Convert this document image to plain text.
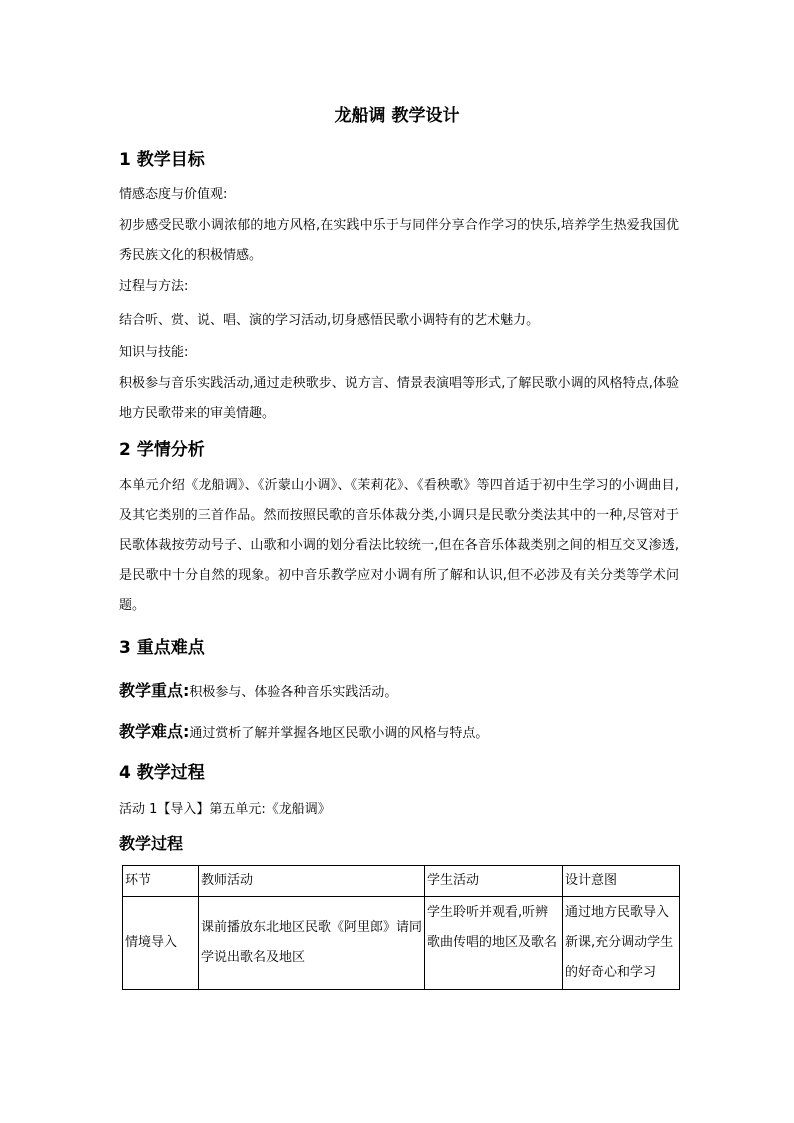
龙船调 教学设计
1 教学目标

情感态度与价值观:

初步感受民歌小调浓郁的地方风格,在实践中乐于与同伴分享合作学习的快乐,培养学生热爱我国优秀民族文化的积极情感。

过程与方法:

结合听、赏、说、唱、演的学习活动,切身感悟民歌小调特有的艺术魅力。

知识与技能:

积极参与音乐实践活动,通过走秧歌步、说方言、情景表演唱等形式,了解民歌小调的风格特点,体验地方民歌带来的审美情趣。

2 学情分析

本单元介绍《龙船调》、《沂蒙山小调》、《茉莉花》、《看秧歌》等四首适于初中生学习的小调曲目,及其它类别的三首作品。然而按照民歌的音乐体裁分类,小调只是民歌分类法其中的一种,尽管对于民歌体裁按劳动号子、山歌和小调的划分看法比较统一,但在各音乐体裁类别之间的相互交叉渗透,是民歌中十分自然的现象。初中音乐教学应对小调有所了解和认识,但不必涉及有关分类等学术问题。

3 重点难点

教学重点:积极参与、体验各种音乐实践活动。

教学难点:通过赏析了解并掌握各地区民歌小调的风格与特点。

4 教学过程

活动 1【导入】第五单元:《龙船调》

教学过程
环节	教师活动	学生活动	设计意图
情境导入	课前播放东北地区民歌《阿里郎》请同学说出歌名及地区	学生聆听并观看,听辨歌曲传唱的地区及歌名	通过地方民歌导入新课,充分调动学生的好奇心和学习
